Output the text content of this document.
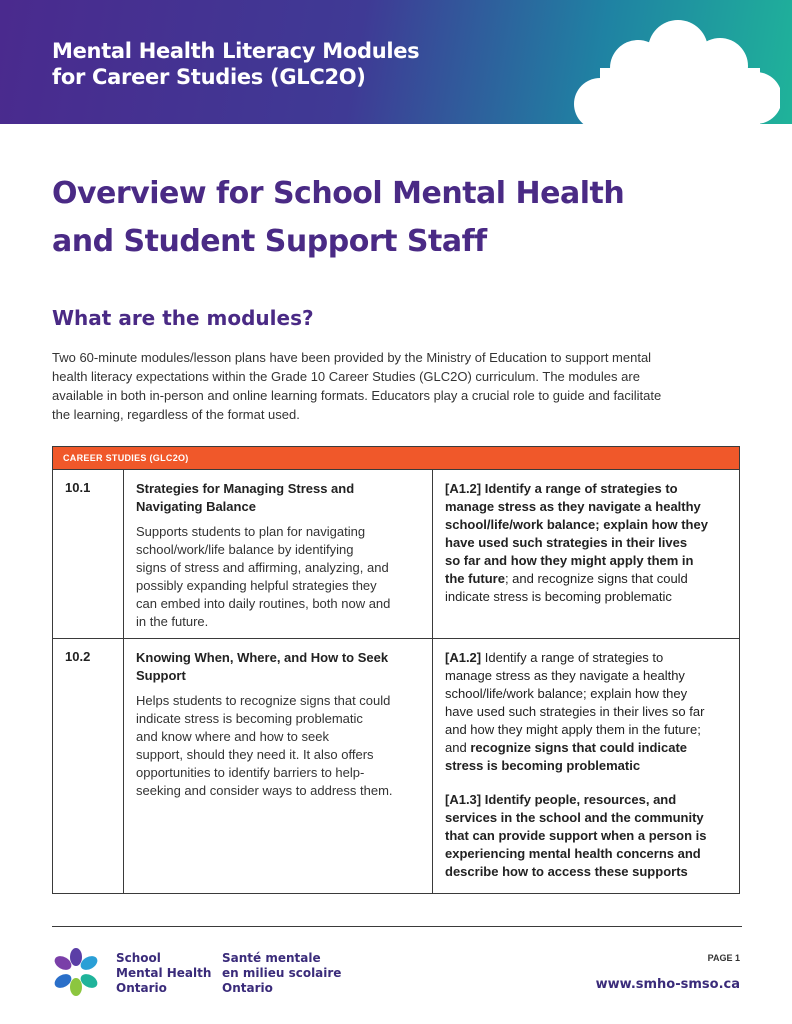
Mental Health Literacy Modules
for Career Studies (GLC2O)
Overview for School Mental Health
and Student Support Staff
What are the modules?
Two 60-minute modules/lesson plans have been provided by the Ministry of Education to support mental
health literacy expectations within the Grade 10 Career Studies (GLC2O) curriculum. The modules are
available in both in-person and online learning formats. Educators play a crucial role to guide and facilitate
the learning, regardless of the format used.
CAREER STUDIES (GLC2O)
10.1	Strategies for Managing Stress and
Navigating Balance
Supports students to plan for navigating
school/work/life balance by identifying
signs of stress and affirming, analyzing, and
possibly expanding helpful strategies they
can embed into daily routines, both now and
in the future.
[A1.2] Identify a range of strategies to
manage stress as they navigate a healthy
school/life/work balance; explain how they
have used such strategies in their lives
so far and how they might apply them in
the future; and recognize signs that could
indicate stress is becoming problematic
10.2	Knowing When, Where, and How to Seek
Support
Helps students to recognize signs that could
indicate stress is becoming problematic
and know where and how to seek
support, should they need it. It also offers
opportunities to identify barriers to help-
seeking and consider ways to address them.
[A1.2] Identify a range of strategies to
manage stress as they navigate a healthy
school/life/work balance; explain how they
have used such strategies in their lives so far
and how they might apply them in the future;
and recognize signs that could indicate
stress is becoming problematic
[A1.3] Identify people, resources, and
services in the school and the community
that can provide support when a person is
experiencing mental health concerns and
describe how to access these supports
School
Mental Health
Ontario
Santé mentale
en milieu scolaire
Ontario
PAGE 1
www.smho-smso.ca
